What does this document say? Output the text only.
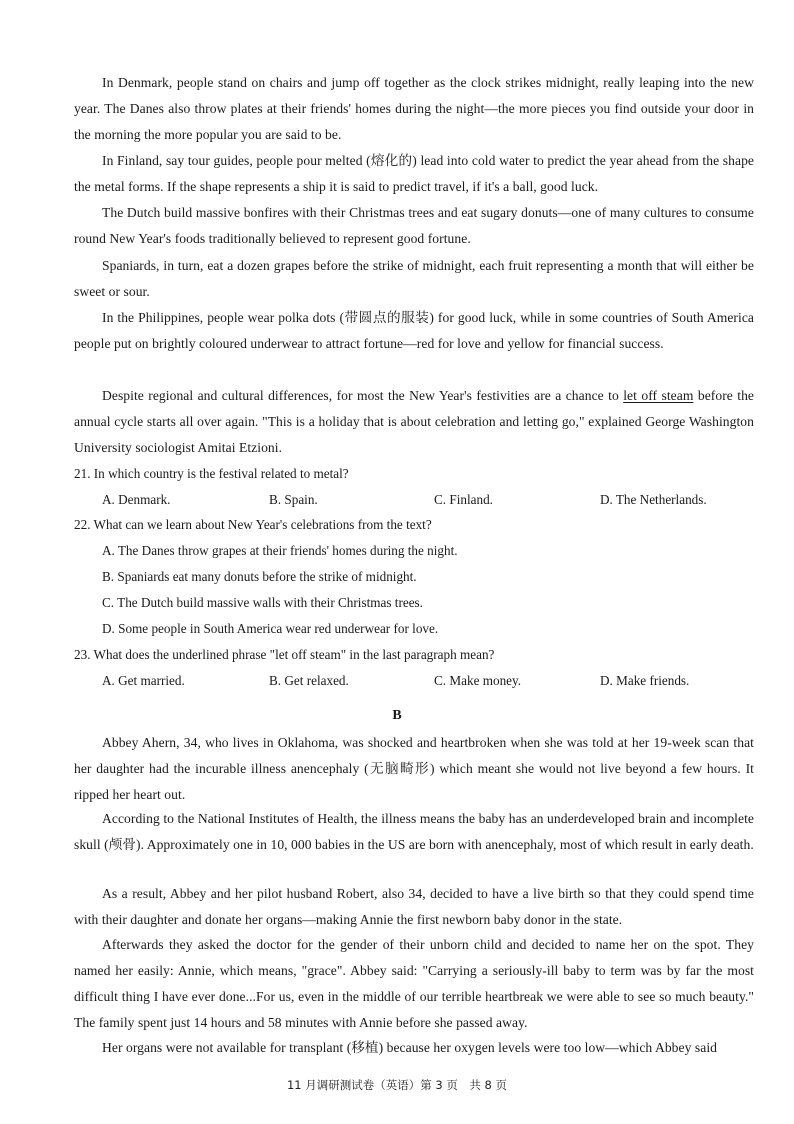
In Denmark, people stand on chairs and jump off together as the clock strikes midnight, really leaping into the new year. The Danes also throw plates at their friends' homes during the night—the more pieces you find outside your door in the morning the more popular you are said to be.

In Finland, say tour guides, people pour melted (熔化的) lead into cold water to predict the year ahead from the shape the metal forms. If the shape represents a ship it is said to predict travel, if it's a ball, good luck.

The Dutch build massive bonfires with their Christmas trees and eat sugary donuts—one of many cultures to consume round New Year's foods traditionally believed to represent good fortune.

Spaniards, in turn, eat a dozen grapes before the strike of midnight, each fruit representing a month that will either be sweet or sour.

In the Philippines, people wear polka dots (带圆点的服装) for good luck, while in some countries of South America people put on brightly coloured underwear to attract fortune—red for love and yellow for financial success.

Despite regional and cultural differences, for most the New Year's festivities are a chance to let off steam before the annual cycle starts all over again. "This is a holiday that is about celebration and letting go," explained George Washington University sociologist Amitai Etzioni.

21. In which country is the festival related to metal?

A. Denmark.	B. Spain.	C. Finland.	D. The Netherlands.

22. What can we learn about New Year's celebrations from the text?

A. The Danes throw grapes at their friends' homes during the night.

B. Spaniards eat many donuts before the strike of midnight.

C. The Dutch build massive walls with their Christmas trees.

D. Some people in South America wear red underwear for love.

23. What does the underlined phrase "let off steam" in the last paragraph mean?

A. Get married.	B. Get relaxed.	C. Make money.	D. Make friends.

B

Abbey Ahern, 34, who lives in Oklahoma, was shocked and heartbroken when she was told at her 19-week scan that her daughter had the incurable illness anencephaly (无脑畸形) which meant she would not live beyond a few hours. It ripped her heart out.

According to the National Institutes of Health, the illness means the baby has an underdeveloped brain and incomplete skull (颅骨). Approximately one in 10, 000 babies in the US are born with anencephaly, most of which result in early death.

As a result, Abbey and her pilot husband Robert, also 34, decided to have a live birth so that they could spend time with their daughter and donate her organs—making Annie the first newborn baby donor in the state.

Afterwards they asked the doctor for the gender of their unborn child and decided to name her on the spot. They named her easily: Annie, which means, "grace". Abbey said: "Carrying a seriously-ill baby to term was by far the most difficult thing I have ever done...For us, even in the middle of our terrible heartbreak we were able to see so much beauty." The family spent just 14 hours and 58 minutes with Annie before she passed away.

Her organs were not available for transplant (移植) because her oxygen levels were too low—which Abbey said

11 月调研测试卷（英语）第 3 页　共 8 页
